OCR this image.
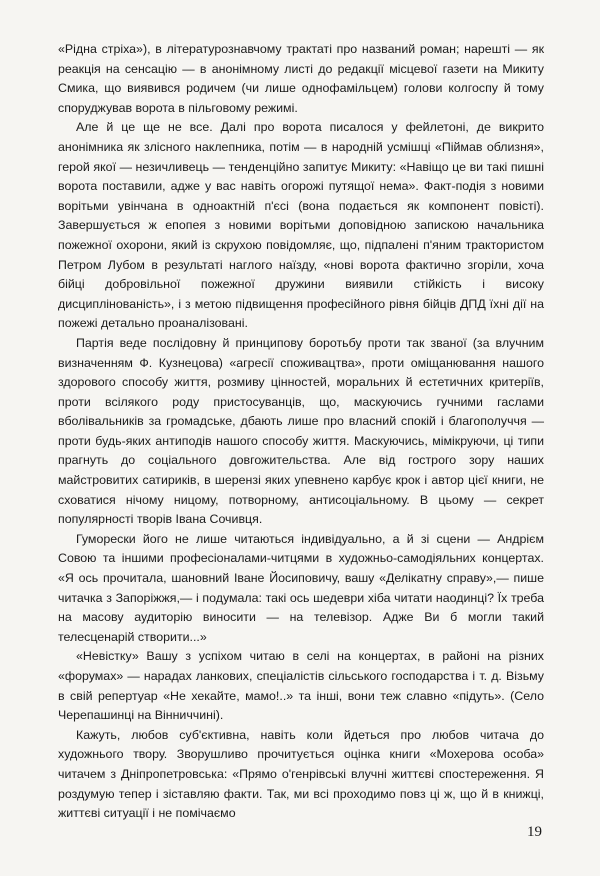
«Рідна стріха»), в літературознавчому трактаті про названий роман; нарешті — як реакція на сенсацію — в анонімному листі до редакції місцевої газети на Микиту Смика, що виявився родичем (чи лише однофамільцем) голови колгоспу й тому споруджував ворота в пільговому режимі.

Але й це ще не все. Далі про ворота писалося у фейлетоні, де викрито анонімника як злісного наклепника, потім — в народній усмішці «Піймав облизня», герой якої — незичливець — тенденційно запитує Микиту: «Навіщо це ви такі пишні ворота поставили, адже у вас навіть огорожі путящої нема». Факт-подія з новими ворітьми увінчана в одноактній п'єсі (вона подається як компонент повісті). Завершується ж епопея з новими ворітьми доповідною запискою начальника пожежної охорони, який із скрухою повідомляє, що, підпалені п'яним трактористом Петром Лубом в результаті наглого наїзду, «нові ворота фактично згоріли, хоча бійці добровільної пожежної дружини виявили стійкість і високу дисциплінованість», і з метою підвищення професійного рівня бійців ДПД їхні дії на пожежі детально проаналізовані.

Партія веде послідовну й принципову боротьбу проти так званої (за влучним визначенням Ф. Кузнецова) «агресії споживацтва», проти оміщанювання нашого здорового способу життя, розмиву цінностей, моральних й естетичних критеріїв, проти всілякого роду пристосуванців, що, маскуючись гучними гаслами вболівальників за громадське, дбають лише про власний спокій і благополуччя — проти будь-яких антиподів нашого способу життя. Маскуючись, мімікруючи, ці типи прагнуть до соціального довгожительства. Але від гострого зору наших майстровитих сатириків, в шерензі яких упевнено карбує крок і автор цієї книги, не сховатися нічому ницому, потворному, антисоціальному. В цьому — секрет популярності творів Івана Сочивця.

Гуморески його не лише читаються індивідуально, а й зі сцени — Андрієм Совою та іншими професіоналами-читцями в художньо-самодіяльних концертах. «Я ось прочитала, шановний Іване Йосиповичу, вашу «Делікатну справу»,— пише читачка з Запоріжжя,— і подумала: такі ось шедеври хіба читати наодинці? Їх треба на масову аудиторію виносити — на телевізор. Адже Ви б могли такий телесценарій створити...»

«Невістку» Вашу з успіхом читаю в селі на концертах, в районі на різних «форумах» — нарадах ланкових, спеціалістів сільського господарства і т. д. Візьму в свій репертуар «Не хекайте, мамо!..» та інші, вони теж славно «підуть». (Село Черепашинці на Вінниччині).

Кажуть, любов суб'єктивна, навіть коли йдеться про любов читача до художнього твору. Зворушливо прочитується оцінка книги «Мохерова особа» читачем з Дніпропетровська: «Прямо о'генрівські влучні життєві спостереження. Я роздумую тепер і зіставляю факти. Так, ми всі проходимо повз ці ж, що й в книжці, життєві ситуації і не помічаємо

19
